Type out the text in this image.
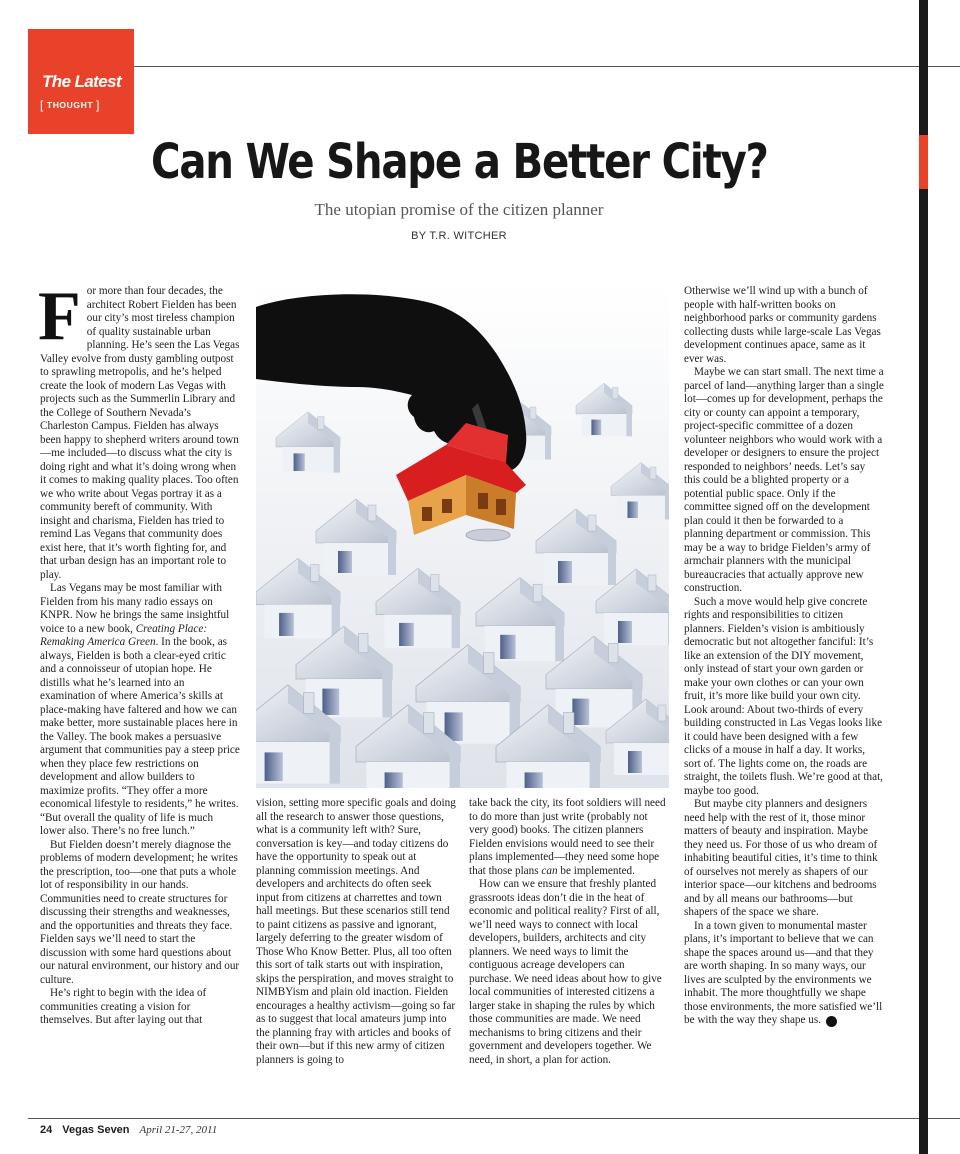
The Latest
[ THOUGHT ]
Can We Shape a Better City?
The utopian promise of the citizen planner
BY T.R. WITCHER

For more than four decades, the architect Robert Fielden has been our city’s most tireless champion of quality sustainable urban planning. He’s seen the Las Vegas Valley evolve from dusty gambling outpost to sprawling metropolis, and he’s helped create the look of modern Las Vegas with projects such as the Summerlin Library and the College of Southern Nevada’s Charleston Campus. Fielden has always been happy to shepherd writers around town—me included—to discuss what the city is doing right and what it’s doing wrong when it comes to making quality places. Too often we who write about Vegas portray it as a community bereft of community. With insight and charisma, Fielden has tried to remind Las Vegans that community does exist here, that it’s worth fighting for, and that urban design has an important role to play.

Las Vegans may be most familiar with Fielden from his many radio essays on KNPR. Now he brings the same insightful voice to a new book, Creating Place: Remaking America Green. In the book, as always, Fielden is both a clear-eyed critic and a connoisseur of utopian hope. He distills what he’s learned into an examination of where America’s skills at place-making have faltered and how we can make better, more sustainable places here in the Valley. The book makes a persuasive argument that communities pay a steep price when they place few restrictions on development and allow builders to maximize profits. “They offer a more economical lifestyle to residents,” he writes. “But overall the quality of life is much lower also. There’s no free lunch.”

But Fielden doesn’t merely diagnose the problems of modern development; he writes the prescription, too—one that puts a whole lot of responsibility in our hands. Communities need to create structures for discussing their strengths and weaknesses, and the opportunities and threats they face. Fielden says we’ll need to start the discussion with some hard questions about our natural environment, our history and our culture.

He’s right to begin with the idea of communities creating a vision for themselves. But after laying out that

vision, setting more specific goals and doing all the research to answer those questions, what is a community left with? Sure, conversation is key—and today citizens do have the opportunity to speak out at planning commission meetings. And developers and architects do often seek input from citizens at charrettes and town hall meetings. But these scenarios still tend to paint citizens as passive and ignorant, largely deferring to the greater wisdom of Those Who Know Better. Plus, all too often this sort of talk starts out with inspiration, skips the perspiration, and moves straight to NIMBYism and plain old inaction. Fielden encourages a healthy activism—going so far as to suggest that local amateurs jump into the planning fray with articles and books of their own—but if this new army of citizen planners is going to

take back the city, its foot soldiers will need to do more than just write (probably not very good) books. The citizen planners Fielden envisions would need to see their plans implemented—they need some hope that those plans can be implemented.

How can we ensure that freshly planted grassroots ideas don’t die in the heat of economic and political reality? First of all, we’ll need ways to connect with local developers, builders, architects and city planners. We need ways to limit the contiguous acreage developers can purchase. We need ideas about how to give local communities of interested citizens a larger stake in shaping the rules by which those communities are made. We need mechanisms to bring citizens and their government and developers together. We need, in short, a plan for action.

Otherwise we’ll wind up with a bunch of people with half-written books on neighborhood parks or community gardens collecting dusts while large-scale Las Vegas development continues apace, same as it ever was.

Maybe we can start small. The next time a parcel of land—anything larger than a single lot—comes up for development, perhaps the city or county can appoint a temporary, project-specific committee of a dozen volunteer neighbors who would work with a developer or designers to ensure the project responded to neighbors’ needs. Let’s say this could be a blighted property or a potential public space. Only if the committee signed off on the development plan could it then be forwarded to a planning department or commission. This may be a way to bridge Fielden’s army of armchair planners with the municipal bureaucracies that actually approve new construction.

Such a move would help give concrete rights and responsibilities to citizen planners. Fielden’s vision is ambitiously democratic but not altogether fanciful: It’s like an extension of the DIY movement, only instead of start your own garden or make your own clothes or can your own fruit, it’s more like build your own city. Look around: About two-thirds of every building constructed in Las Vegas looks like it could have been designed with a few clicks of a mouse in half a day. It works, sort of. The lights come on, the roads are straight, the toilets flush. We’re good at that, maybe too good.

But maybe city planners and designers need help with the rest of it, those minor matters of beauty and inspiration. Maybe they need us. For those of us who dream of inhabiting beautiful cities, it’s time to think of ourselves not merely as shapers of our interior space—our kitchens and bedrooms and by all means our bathrooms—but shapers of the space we share.

In a town given to monumental master plans, it’s important to believe that we can shape the spaces around us—and that they are worth shaping. In so many ways, our lives are sculpted by the environments we inhabit. The more thoughtfully we shape those environments, the more satisfied we’ll be with the way they shape us. 7

24 Vegas Seven April 21-27, 2011
